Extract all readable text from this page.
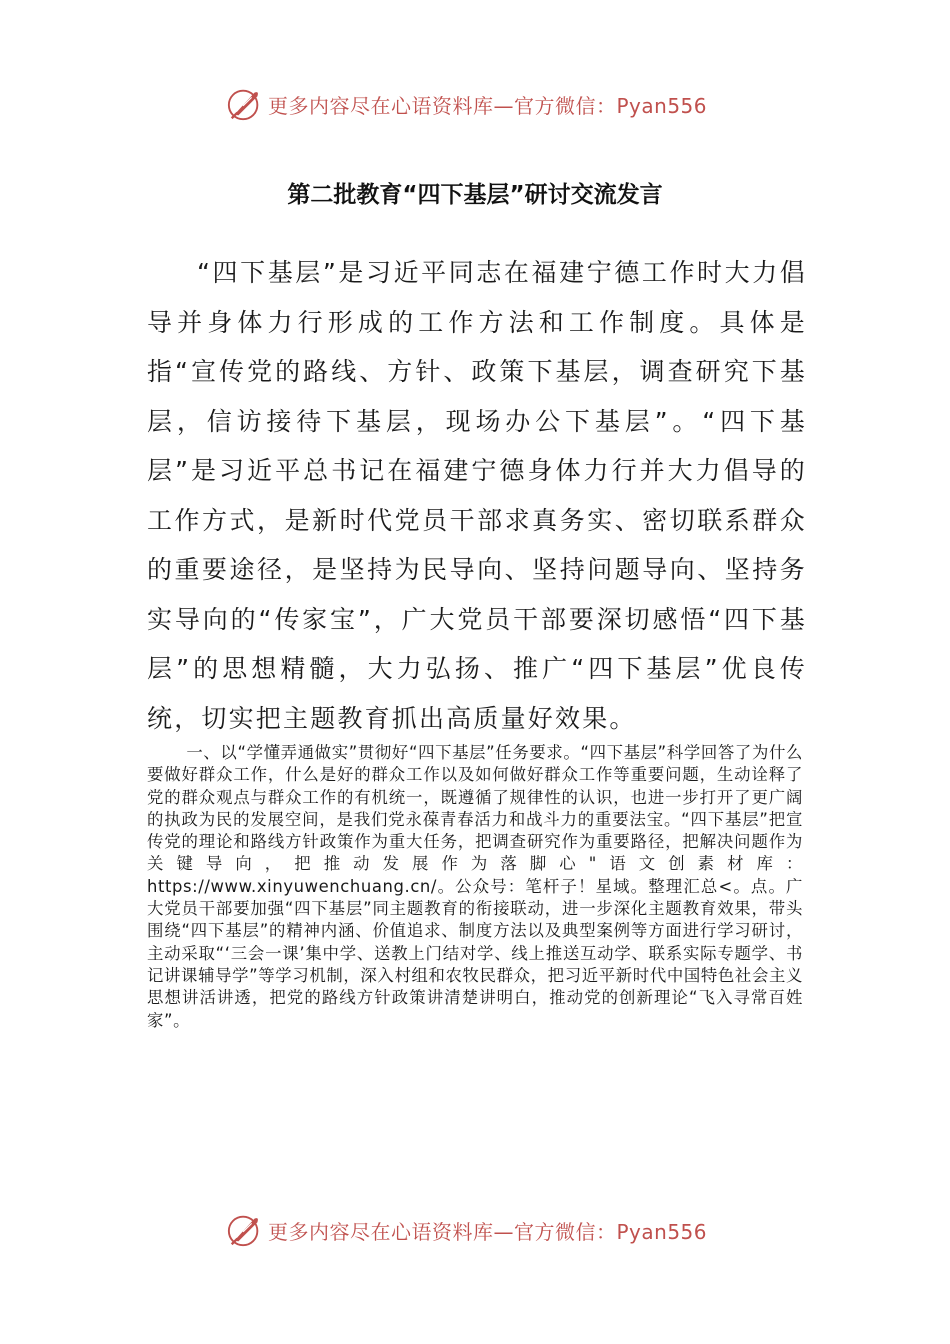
更多内容尽在心语资料库—官方微信：Pyan556
第二批教育“四下基层”研讨交流发言

“四下基层”是习近平同志在福建宁德工作时大力倡导并身体力行形成的工作方法和工作制度。具体是指“宣传党的路线、方针、政策下基层，调查研究下基层，信访接待下基层，现场办公下基层”。“四下基层”是习近平总书记在福建宁德身体力行并大力倡导的工作方式，是新时代党员干部求真务实、密切联系群众的重要途径，是坚持为民导向、坚持问题导向、坚持务实导向的“传家宝”，广大党员干部要深切感悟“四下基层”的思想精髓，大力弘扬、推广“四下基层”优良传统，切实把主题教育抓出高质量好效果。

一、以“学懂弄通做实”贯彻好“四下基层”任务要求。“四下基层”科学回答了为什么要做好群众工作，什么是好的群众工作以及如何做好群众工作等重要问题，生动诠释了党的群众观点与群众工作的有机统一，既遵循了规律性的认识，也进一步打开了更广阔的执政为民的发展空间，是我们党永葆青春活力和战斗力的重要法宝。“四下基层”把宣传党的理论和路线方针政策作为重大任务，把调查研究作为重要路径，把解决问题作为关键导向，把推动发展作为落脚心"语文创素材库：https://www.xinyuwenchuang.cn/。公众号：笔杆子！星域。整理汇总<。点。广大党员干部要加强“四下基层”同主题教育的衔接联动，进一步深化主题教育效果，带头围绕“四下基层”的精神内涵、价值追求、制度方法以及典型案例等方面进行学习研讨，主动采取“‘三会一课’集中学、送教上门结对学、线上推送互动学、联系实际专题学、书记讲课辅导学”等学习机制，深入村组和农牧民群众，把习近平新时代中国特色社会主义思想讲活讲透，把党的路线方针政策讲清楚讲明白，推动党的创新理论“飞入寻常百姓家”。

更多内容尽在心语资料库—官方微信：Pyan556
